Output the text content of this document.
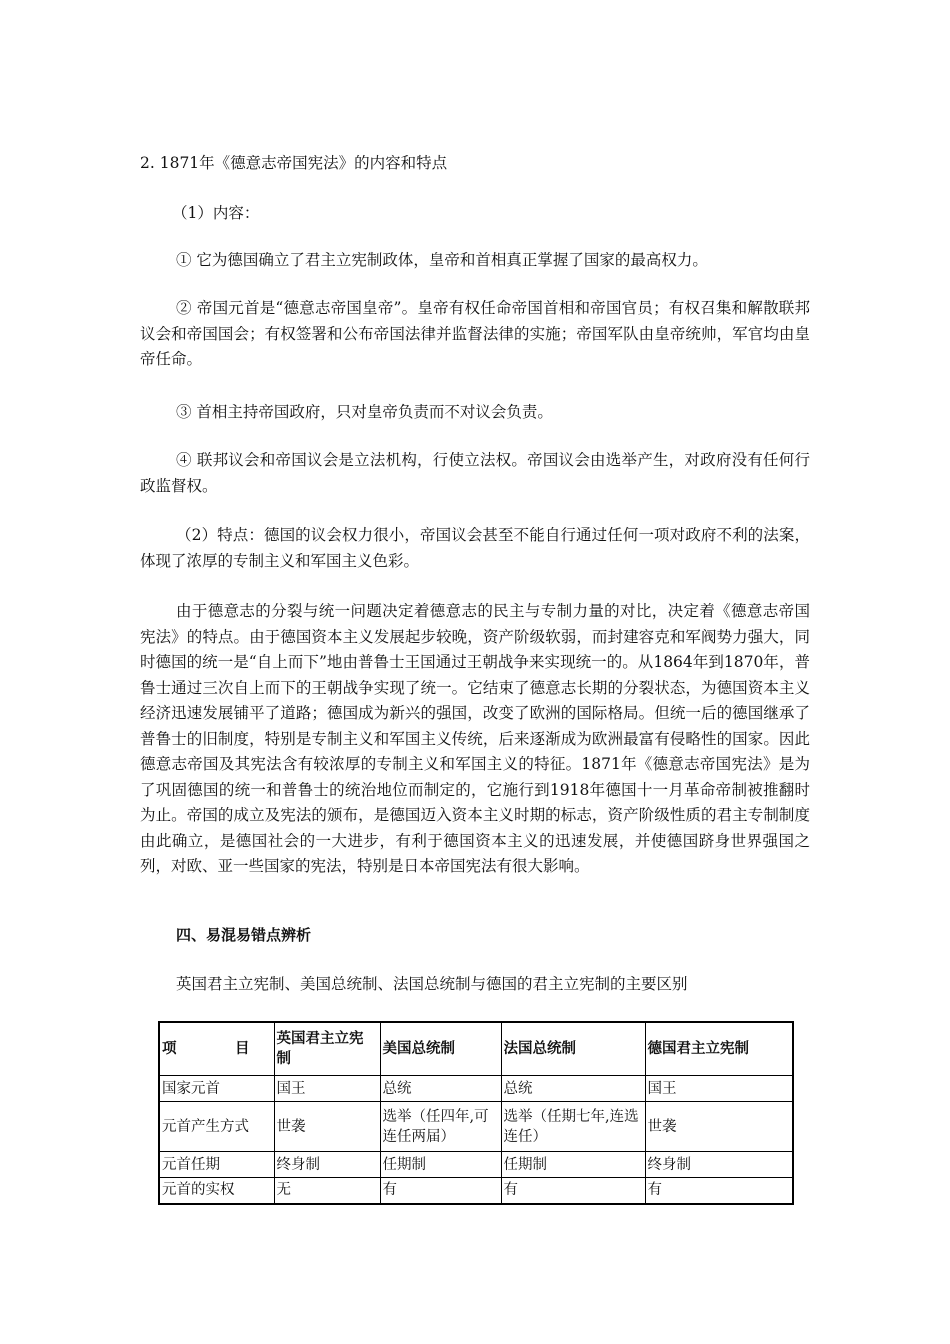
2. 1871年《德意志帝国宪法》的内容和特点
（1）内容：
① 它为德国确立了君主立宪制政体，皇帝和首相真正掌握了国家的最高权力。
② 帝国元首是“德意志帝国皇帝”。皇帝有权任命帝国首相和帝国官员；有权召集和解散联邦议会和帝国国会；有权签署和公布帝国法律并监督法律的实施；帝国军队由皇帝统帅，军官均由皇帝任命。
③ 首相主持帝国政府，只对皇帝负责而不对议会负责。
④ 联邦议会和帝国议会是立法机构，行使立法权。帝国议会由选举产生，对政府没有任何行政监督权。
（2）特点：德国的议会权力很小，帝国议会甚至不能自行通过任何一项对政府不利的法案，体现了浓厚的专制主义和军国主义色彩。
由于德意志的分裂与统一问题决定着德意志的民主与专制力量的对比，决定着《德意志帝国宪法》的特点。由于德国资本主义发展起步较晚，资产阶级软弱，而封建容克和军阀势力强大，同时德国的统一是“自上而下”地由普鲁士王国通过王朝战争来实现统一的。从1864年到1870年，普鲁士通过三次自上而下的王朝战争实现了统一。它结束了德意志长期的分裂状态，为德国资本主义经济迅速发展铺平了道路；德国成为新兴的强国，改变了欧洲的国际格局。但统一后的德国继承了普鲁士的旧制度，特别是专制主义和军国主义传统，后来逐渐成为欧洲最富有侵略性的国家。因此德意志帝国及其宪法含有较浓厚的专制主义和军国主义的特征。1871年《德意志帝国宪法》是为了巩固德国的统一和普鲁士的统治地位而制定的，它施行到1918年德国十一月革命帝制被推翻时为止。帝国的成立及宪法的颁布，是德国迈入资本主义时期的标志，资产阶级性质的君主专制制度由此确立，是德国社会的一大进步，有利于德国资本主义的迅速发展，并使德国跻身世界强国之列，对欧、亚一些国家的宪法，特别是日本帝国宪法有很大影响。
四、易混易错点辨析
英国君主立宪制、美国总统制、法国总统制与德国的君主立宪制的主要区别
项 目	英国君主立宪制	美国总统制	法国总统制	德国君主立宪制
国家元首	国王	总统	总统	国王
元首产生方式	世袭	选举（任四年,可连任两届）	选举（任期七年,连选连任）	世袭
元首任期	终身制	任期制	任期制	终身制
元首的实权	无	有	有	有
